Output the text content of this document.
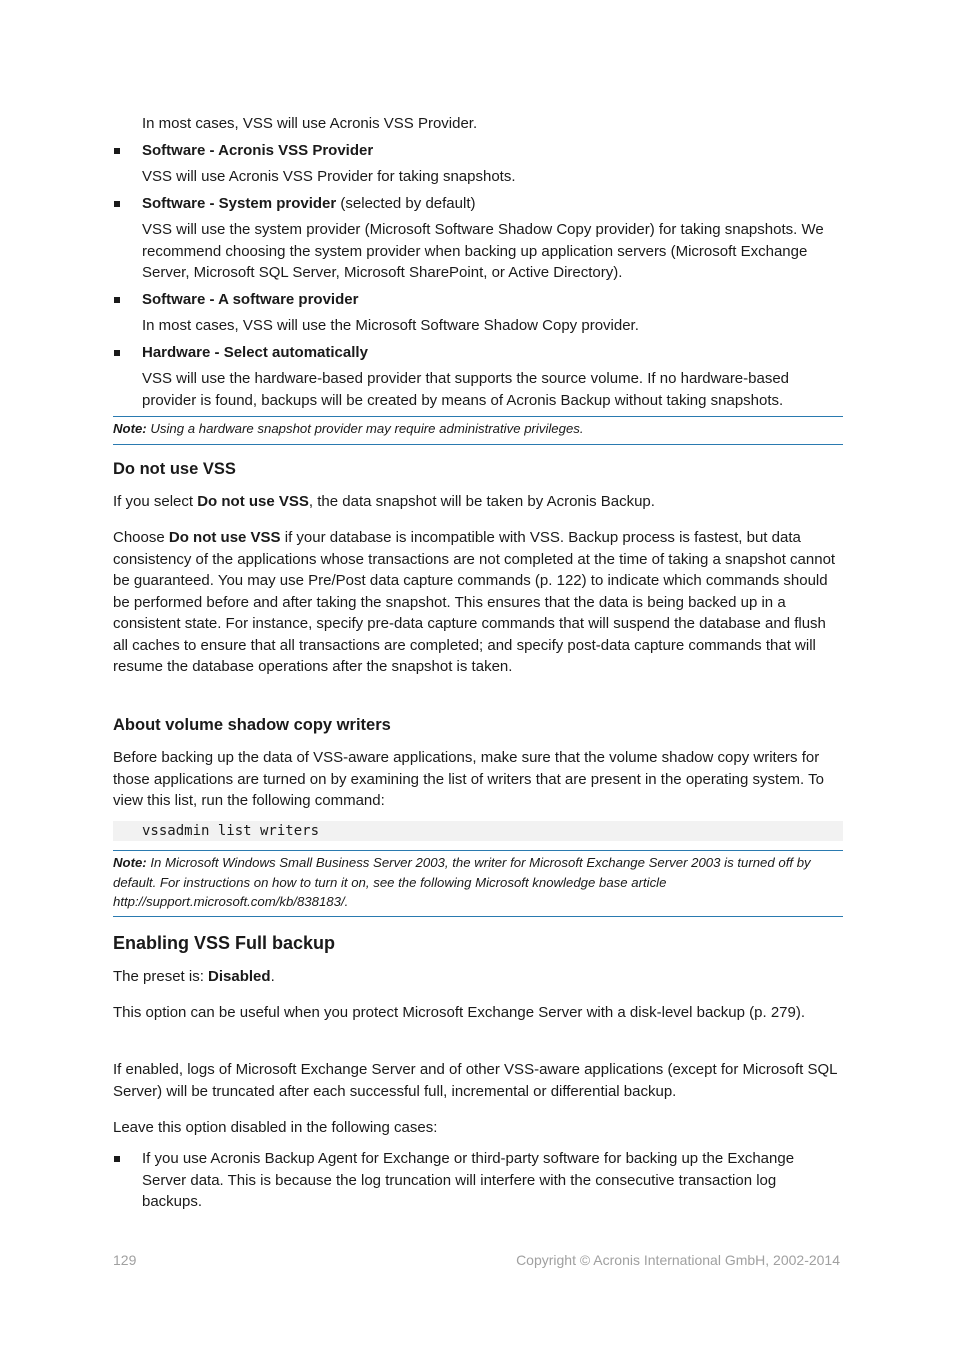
In most cases, VSS will use Acronis VSS Provider.

Software - Acronis VSS Provider

VSS will use Acronis VSS Provider for taking snapshots.

Software - System provider (selected by default)

VSS will use the system provider (Microsoft Software Shadow Copy provider) for taking snapshots. We recommend choosing the system provider when backing up application servers (Microsoft Exchange Server, Microsoft SQL Server, Microsoft SharePoint, or Active Directory).

Software - A software provider

In most cases, VSS will use the Microsoft Software Shadow Copy provider.

Hardware - Select automatically

VSS will use the hardware-based provider that supports the source volume. If no hardware-based provider is found, backups will be created by means of Acronis Backup without taking snapshots.

Note: Using a hardware snapshot provider may require administrative privileges.
Do not use VSS

If you select Do not use VSS, the data snapshot will be taken by Acronis Backup.

Choose Do not use VSS if your database is incompatible with VSS. Backup process is fastest, but data consistency of the applications whose transactions are not completed at the time of taking a snapshot cannot be guaranteed. You may use Pre/Post data capture commands (p. 122) to indicate which commands should be performed before and after taking the snapshot. This ensures that the data is being backed up in a consistent state. For instance, specify pre-data capture commands that will suspend the database and flush all caches to ensure that all transactions are completed; and specify post-data capture commands that will resume the database operations after the snapshot is taken.

About volume shadow copy writers

Before backing up the data of VSS-aware applications, make sure that the volume shadow copy writers for those applications are turned on by examining the list of writers that are present in the operating system. To view this list, run the following command:

vssadmin list writers
Note: In Microsoft Windows Small Business Server 2003, the writer for Microsoft Exchange Server 2003 is turned off by default. For instructions on how to turn it on, see the following Microsoft knowledge base article http://support.microsoft.com/kb/838183/.
Enabling VSS Full backup

The preset is: Disabled.

This option can be useful when you protect Microsoft Exchange Server with a disk-level backup (p. 279).

If enabled, logs of Microsoft Exchange Server and of other VSS-aware applications (except for Microsoft SQL Server) will be truncated after each successful full, incremental or differential backup.

Leave this option disabled in the following cases:

If you use Acronis Backup Agent for Exchange or third-party software for backing up the Exchange Server data. This is because the log truncation will interfere with the consecutive transaction log backups.

129	Copyright © Acronis International GmbH, 2002-2014
